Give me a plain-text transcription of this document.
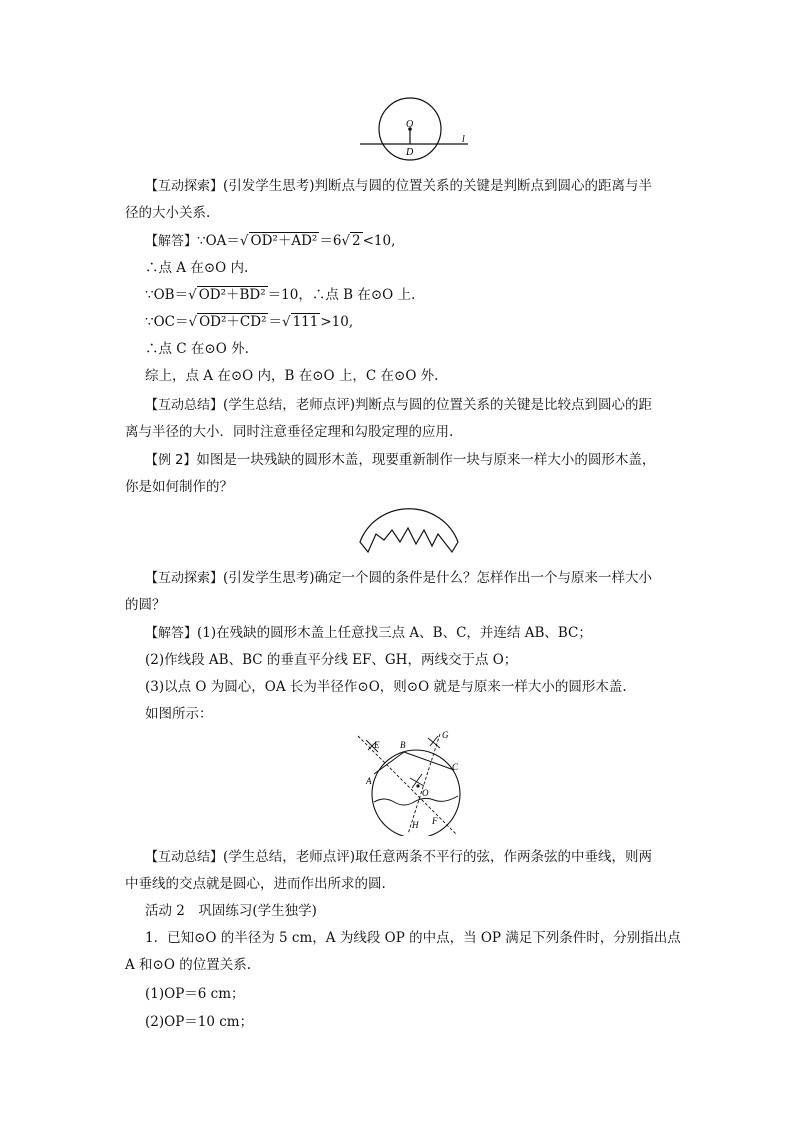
O
D
l
【互动探索】(引发学生思考)判断点与圆的位置关系的关键是判断点到圆心的距离与半
径的大小关系.
【解答】∵OA＝√ OD²＋AD² ＝6√ 2 <10,
∴点 A 在⊙O 内.
∵OB＝√ OD²＋BD² ＝10，∴点 B 在⊙O 上.
∵OC＝√ OD²＋CD² ＝√ 111 >10,
∴点 C 在⊙O 外.
综上，点 A 在⊙O 内，B 在⊙O 上，C 在⊙O 外.
【互动总结】(学生总结，老师点评)判断点与圆的位置关系的关键是比较点到圆心的距
离与半径的大小．同时注意垂径定理和勾股定理的应用.
【例 2】如图是一块残缺的圆形木盖，现要重新制作一块与原来一样大小的圆形木盖，
你是如何制作的？
【互动探索】(引发学生思考)确定一个圆的条件是什么？怎样作出一个与原来一样大小
的圆？
【解答】(1)在残缺的圆形木盖上任意找三点 A、B、C，并连结 AB、BC；
(2)作线段 AB、BC 的垂直平分线 EF、GH，两线交于点 O；
(3)以点 O 为圆心，OA 长为半径作⊙O，则⊙O 就是与原来一样大小的圆形木盖.
如图所示：
E B
G
A
C
O
H F
【互动总结】(学生总结，老师点评)取任意两条不平行的弦，作两条弦的中垂线，则两
中垂线的交点就是圆心，进而作出所求的圆.
活动 2　巩固练习(学生独学)
1．已知⊙O 的半径为 5 cm，A 为线段 OP 的中点，当 OP 满足下列条件时，分别指出点
A 和⊙O 的位置关系.
(1)OP＝6 cm；
(2)OP＝10 cm；
